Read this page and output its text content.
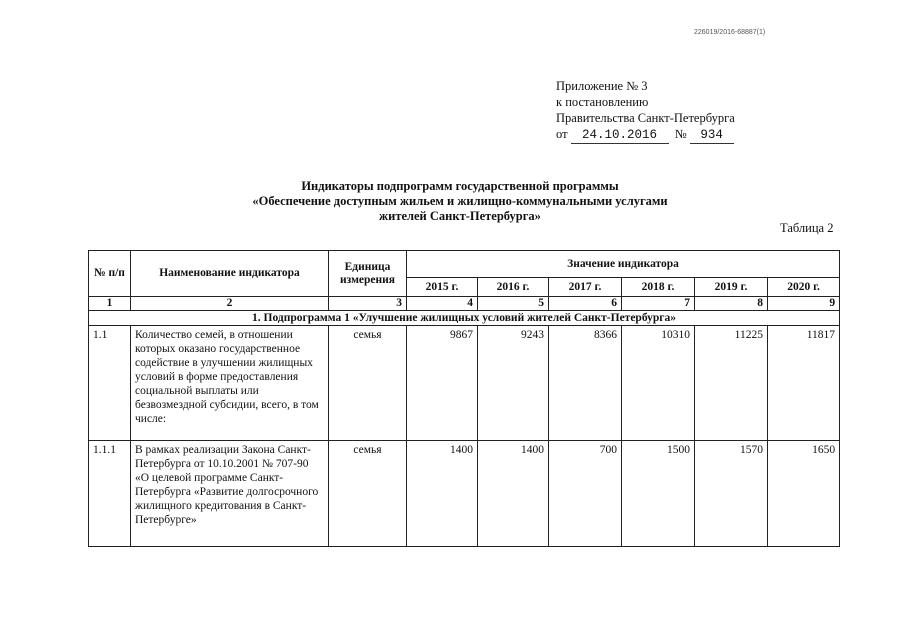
226019/2016-68887(1)
Приложение № 3
к постановлению
Правительства Санкт-Петербурга
от 24.10.2016 № 934
Индикаторы подпрограмм государственной программы
«Обеспечение доступным жильем и жилищно-коммунальными услугами
жителей Санкт-Петербурга»
Таблица 2
№ п/п	Наименование индикатора	Единица измерения	Значение индикатора					
			2015 г.	2016 г.	2017 г.	2018 г.	2019 г.	2020 г.
1	2	3	4	5	6	7	8	9
1. Подпрограмма 1 «Улучшение жилищных условий жителей Санкт-Петербурга»								
1.1	Количество семей, в отношении которых оказано государственное содействие в улучшении жилищных условий в форме предоставления социальной выплаты или безвозмездной субсидии, всего, в том числе:	семья	9867	9243	8366	10310	11225	11817
1.1.1	В рамках реализации Закона Санкт-Петербурга от 10.10.2001 № 707-90 «О целевой программе Санкт-Петербурга «Развитие долгосрочного жилищного кредитования в Санкт-Петербурге»	семья	1400	1400	700	1500	1570	1650
